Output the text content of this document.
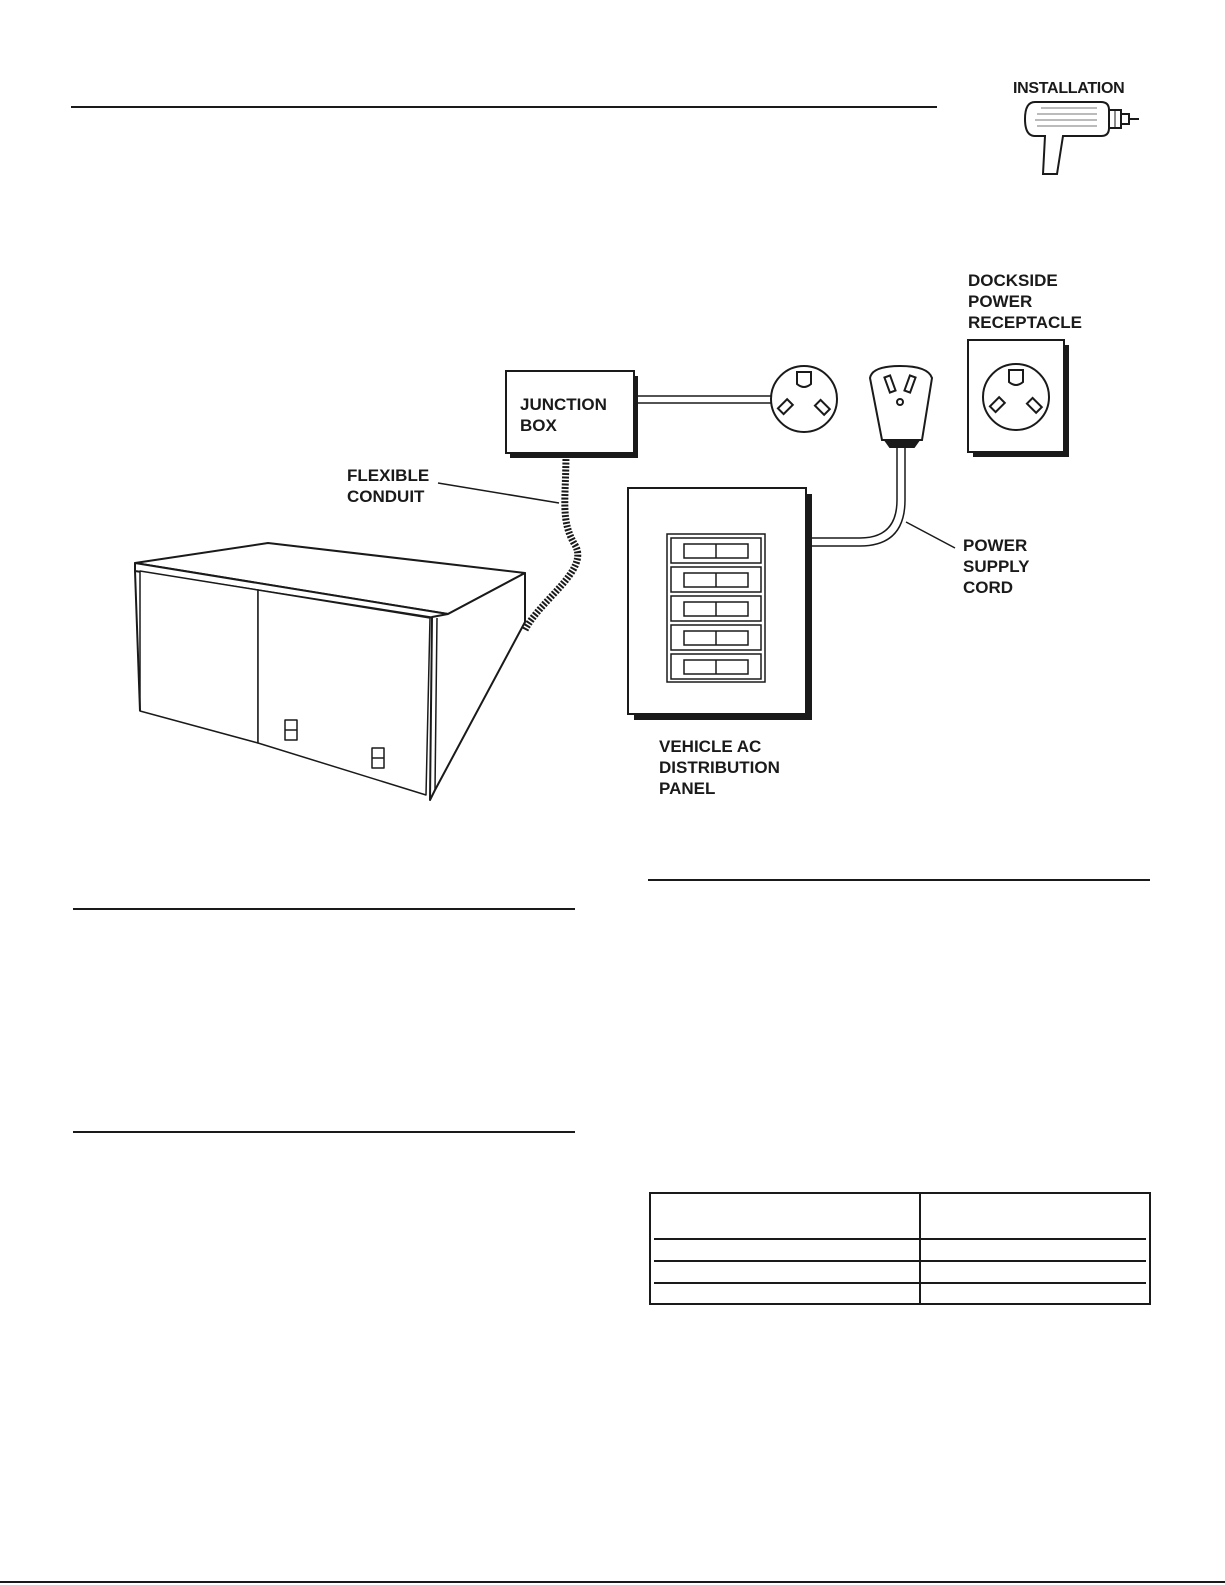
INSTALLATION
DOCKSIDE
POWER
RECEPTACLE
JUNCTION
BOX
FLEXIBLE
CONDUIT
POWER
SUPPLY
CORD
VEHICLE AC
DISTRIBUTION
PANEL
